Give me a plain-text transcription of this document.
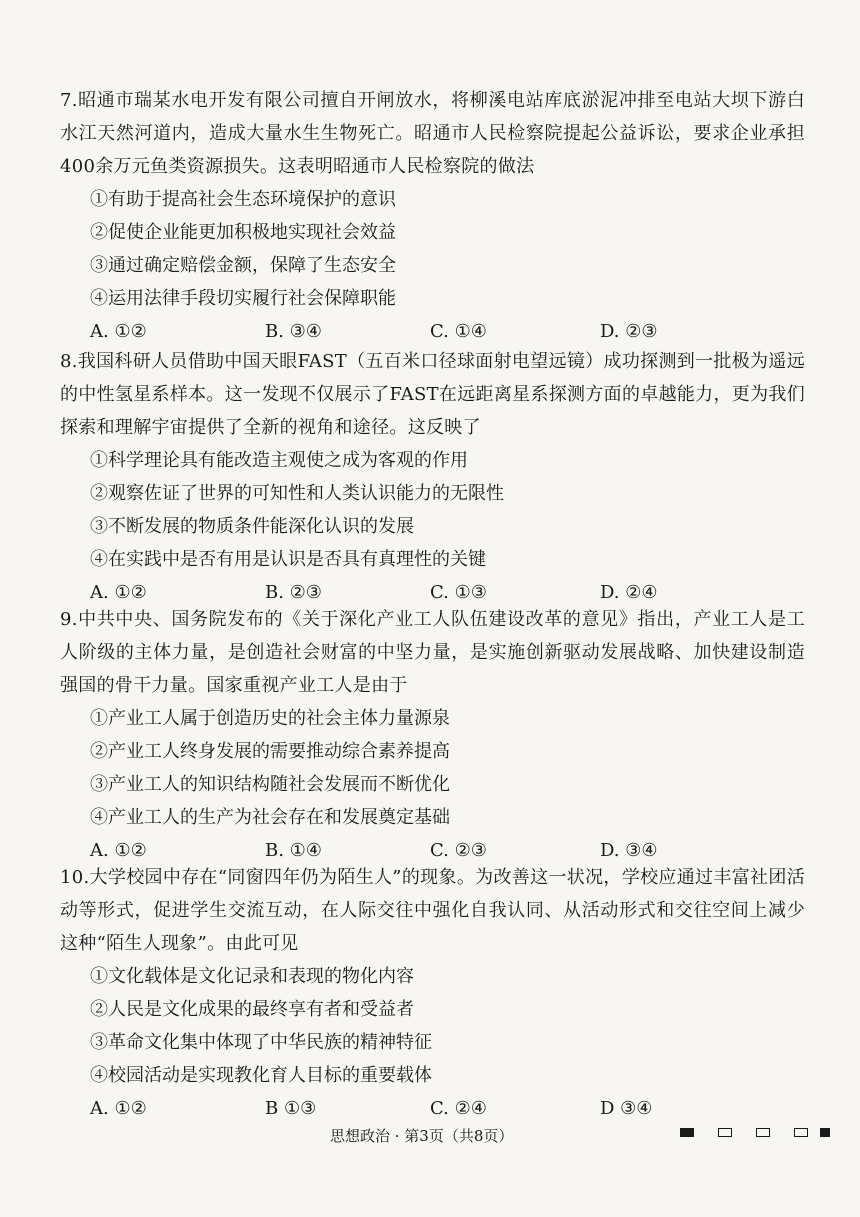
7.昭通市瑞某水电开发有限公司擅自开闸放水，将柳溪电站库底淤泥冲排至电站大坝下游白水江天然河道内，造成大量水生生物死亡。昭通市人民检察院提起公益诉讼，要求企业承担400余万元鱼类资源损失。这表明昭通市人民检察院的做法

①有助于提高社会生态环境保护的意识

②促使企业能更加积极地实现社会效益

③通过确定赔偿金额，保障了生态安全

④运用法律手段切实履行社会保障职能

A. ①②	B. ③④	C. ①④	D. ②③

8.我国科研人员借助中国天眼FAST（五百米口径球面射电望远镜）成功探测到一批极为遥远的中性氢星系样本。这一发现不仅展示了FAST在远距离星系探测方面的卓越能力，更为我们探索和理解宇宙提供了全新的视角和途径。这反映了

①科学理论具有能改造主观使之成为客观的作用

②观察佐证了世界的可知性和人类认识能力的无限性

③不断发展的物质条件能深化认识的发展

④在实践中是否有用是认识是否具有真理性的关键

A. ①②	B. ②③	C. ①③	D. ②④

9.中共中央、国务院发布的《关于深化产业工人队伍建设改革的意见》指出，产业工人是工人阶级的主体力量，是创造社会财富的中坚力量，是实施创新驱动发展战略、加快建设制造强国的骨干力量。国家重视产业工人是由于

①产业工人属于创造历史的社会主体力量源泉

②产业工人终身发展的需要推动综合素养提高

③产业工人的知识结构随社会发展而不断优化

④产业工人的生产为社会存在和发展奠定基础

A. ①②	B. ①④	C. ②③	D. ③④

10.大学校园中存在“同窗四年仍为陌生人”的现象。为改善这一状况，学校应通过丰富社团活动等形式，促进学生交流互动，在人际交往中强化自我认同、从活动形式和交往空间上减少这种“陌生人现象”。由此可见

①文化载体是文化记录和表现的物化内容

②人民是文化成果的最终享有者和受益者

③革命文化集中体现了中华民族的精神特征

④校园活动是实现教化育人目标的重要载体

A. ①②	B ①③	C. ②④	D ③④
思想政治 · 第3页（共8页）
